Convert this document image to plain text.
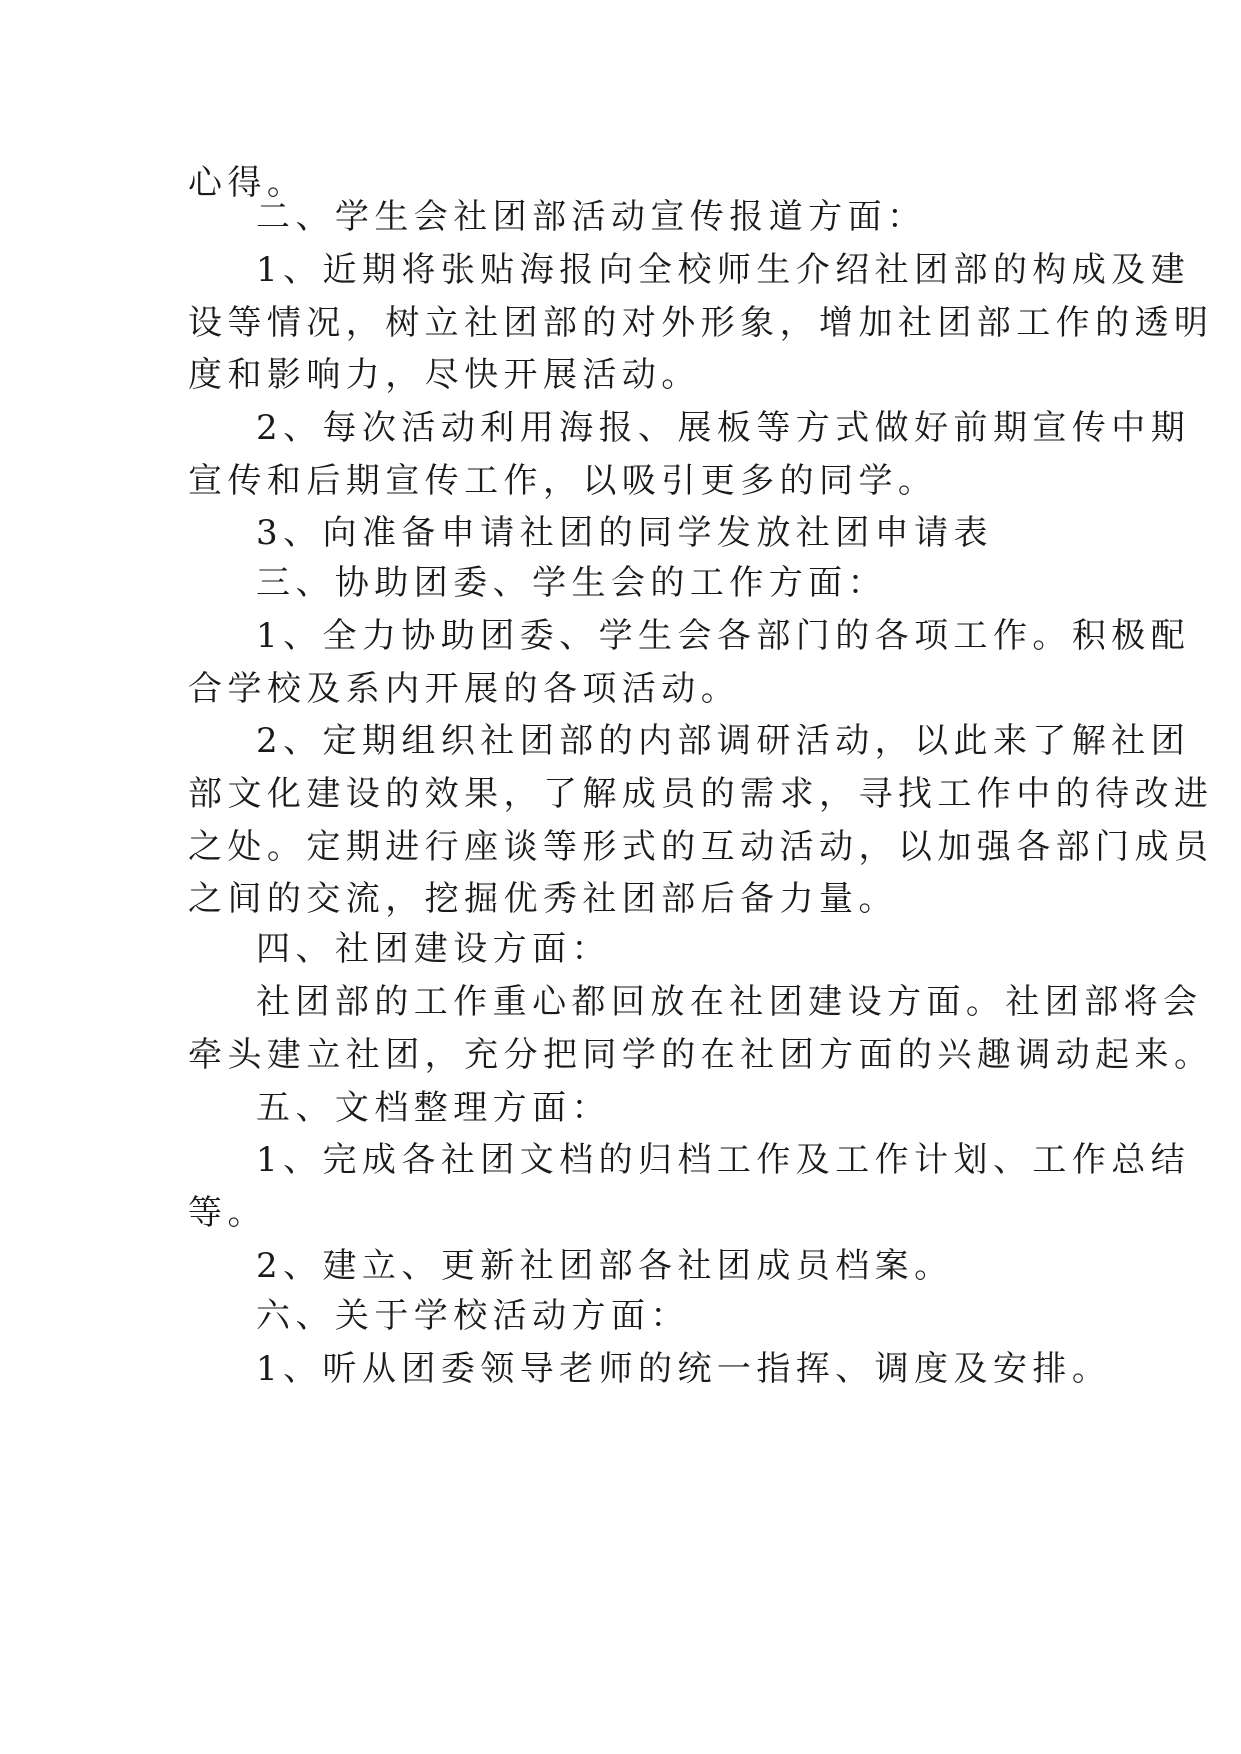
心得。
二、学生会社团部活动宣传报道方面：
1、近期将张贴海报向全校师生介绍社团部的构成及建
设等情况，树立社团部的对外形象，增加社团部工作的透明
度和影响力，尽快开展活动。
2、每次活动利用海报、展板等方式做好前期宣传中期
宣传和后期宣传工作，以吸引更多的同学。
3、向准备申请社团的同学发放社团申请表
三、协助团委、学生会的工作方面：
1、全力协助团委、学生会各部门的各项工作。积极配
合学校及系内开展的各项活动。
2、定期组织社团部的内部调研活动，以此来了解社团
部文化建设的效果，了解成员的需求，寻找工作中的待改进
之处。定期进行座谈等形式的互动活动，以加强各部门成员
之间的交流，挖掘优秀社团部后备力量。
四、社团建设方面：
社团部的工作重心都回放在社团建设方面。社团部将会
牵头建立社团，充分把同学的在社团方面的兴趣调动起来。
五、文档整理方面：
1、完成各社团文档的归档工作及工作计划、工作总结
等。
2、建立、更新社团部各社团成员档案。
六、关于学校活动方面：
1、听从团委领导老师的统一指挥、调度及安排。
